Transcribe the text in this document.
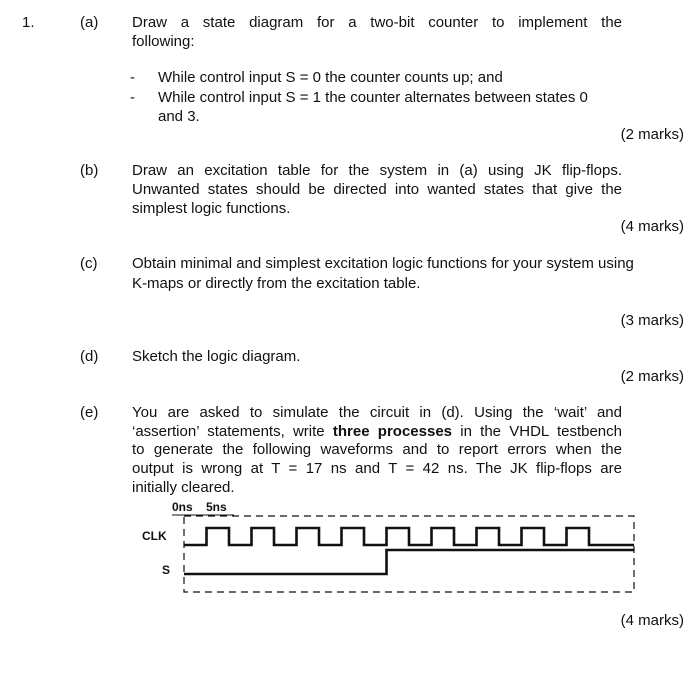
1.	(a) Draw a state diagram for a two-bit counter to implement the
following:
- While control input S = 0 the counter counts up; and
- While control input S = 1 the counter alternates between states 0
and 3.
(2 marks)
(b) Draw an excitation table for the system in (a) using JK flip-flops.
Unwanted states should be directed into wanted states that give the
simplest logic functions.
(4 marks)
(c) Obtain minimal and simplest excitation logic functions for your system using
K-maps or directly from the excitation table.
(3 marks)
(d) Sketch the logic diagram.
(2 marks)
(e) You are asked to simulate the circuit in (d). Using the ‘wait’ and
‘assertion’ statements, write three processes in the VHDL testbench
to generate the following waveforms and to report errors when the
output is wrong at T = 17 ns and T = 42 ns. The JK flip-flops are
initially cleared.
0ns 5ns
CLK
S
(4 marks)
